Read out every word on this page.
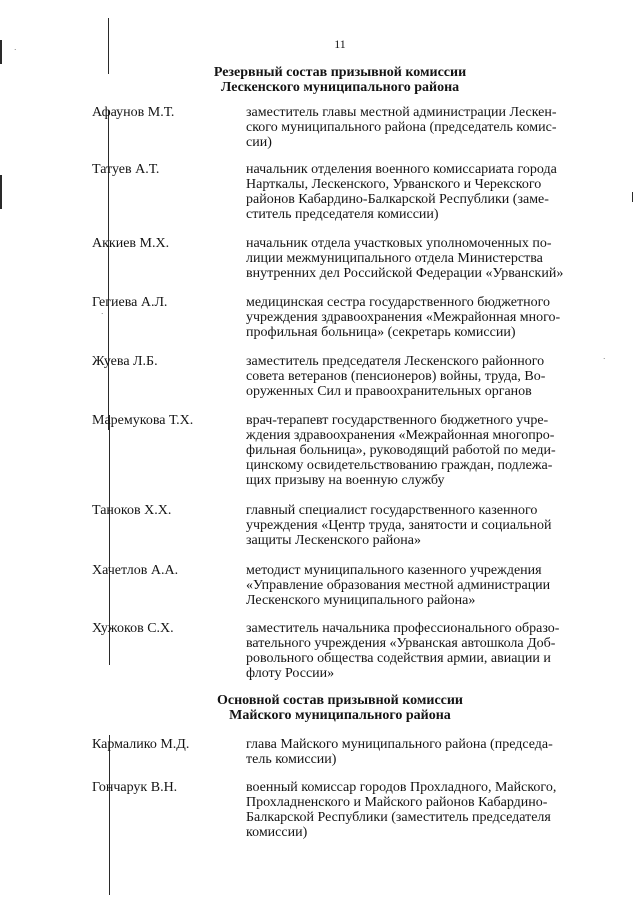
·
·
·
11
Резервный состав призывной комиссии
Лескенского муниципального района
Афаунов М.Т.	заместитель главы местной администрации Лескен-
ского муниципального района (председатель комис-
сии)
Татуев А.Т.	начальник отделения военного комиссариата города
Нарткалы, Лескенского, Урванского и Черекского
районов Кабардино-Балкарской Республики (заме-
ститель председателя комиссии)
Аккиев М.Х.	начальник отдела участковых уполномоченных по-
лиции межмуниципального отдела Министерства
внутренних дел Российской Федерации «Урванский»
Гегиева А.Л.	медицинская сестра государственного бюджетного
учреждения здравоохранения «Межрайонная много-
профильная больница» (секретарь комиссии)
Жуева Л.Б.	заместитель председателя Лескенского районного
совета ветеранов (пенсионеров) войны, труда, Во-
оруженных Сил и правоохранительных органов
Маремукова Т.Х.	врач-терапевт государственного бюджетного учре-
ждения здравоохранения «Межрайонная многопро-
фильная больница», руководящий работой по меди-
цинскому освидетельствованию граждан, подлежа-
щих призыву на военную службу
Таноков Х.Х.	главный специалист государственного казенного
учреждения «Центр труда, занятости и социальной
защиты Лескенского района»
Хачетлов А.А.	методист муниципального казенного учреждения
«Управление образования местной администрации
Лескенского муниципального района»
Хужоков С.Х.	заместитель начальника профессионального образо-
вательного учреждения «Урванская автошкола Доб-
ровольного общества содействия армии, авиации и
флоту России»
Основной состав призывной комиссии
Майского муниципального района
Кармалико М.Д.	глава Майского муниципального района (председа-
тель комиссии)
Гончарук В.Н.	военный комиссар городов Прохладного, Майского,
Прохладненского и Майского районов Кабардино-
Балкарской Республики (заместитель председателя
комиссии)
